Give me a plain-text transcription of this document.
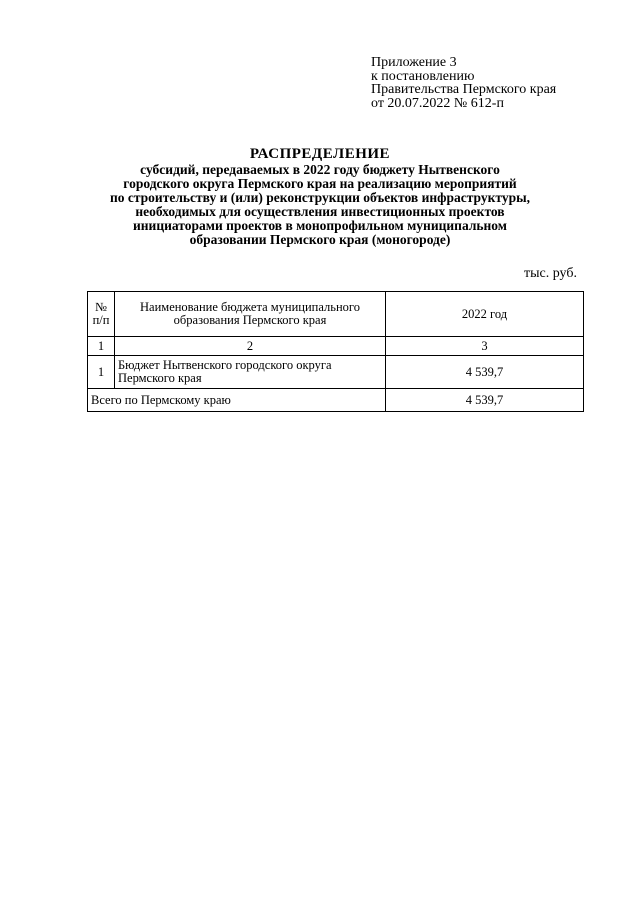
Приложение 3
к постановлению
Правительства Пермского края
от 20.07.2022 № 612-п
РАСПРЕДЕЛЕНИЕ
субсидий, передаваемых в 2022 году бюджету Нытвенского
городского округа Пермского края на реализацию мероприятий
по строительству и (или) реконструкции объектов инфраструктуры,
необходимых для осуществления инвестиционных проектов
инициаторами проектов в монопрофильном муниципальном
образовании Пермского края (моногороде)
тыс. руб.
№ п/п	Наименование бюджета муниципального образования Пермского края	2022 год
1	2	3
1	Бюджет Нытвенского городского округа Пермского края	4 539,7
Всего по Пермскому краю		4 539,7
